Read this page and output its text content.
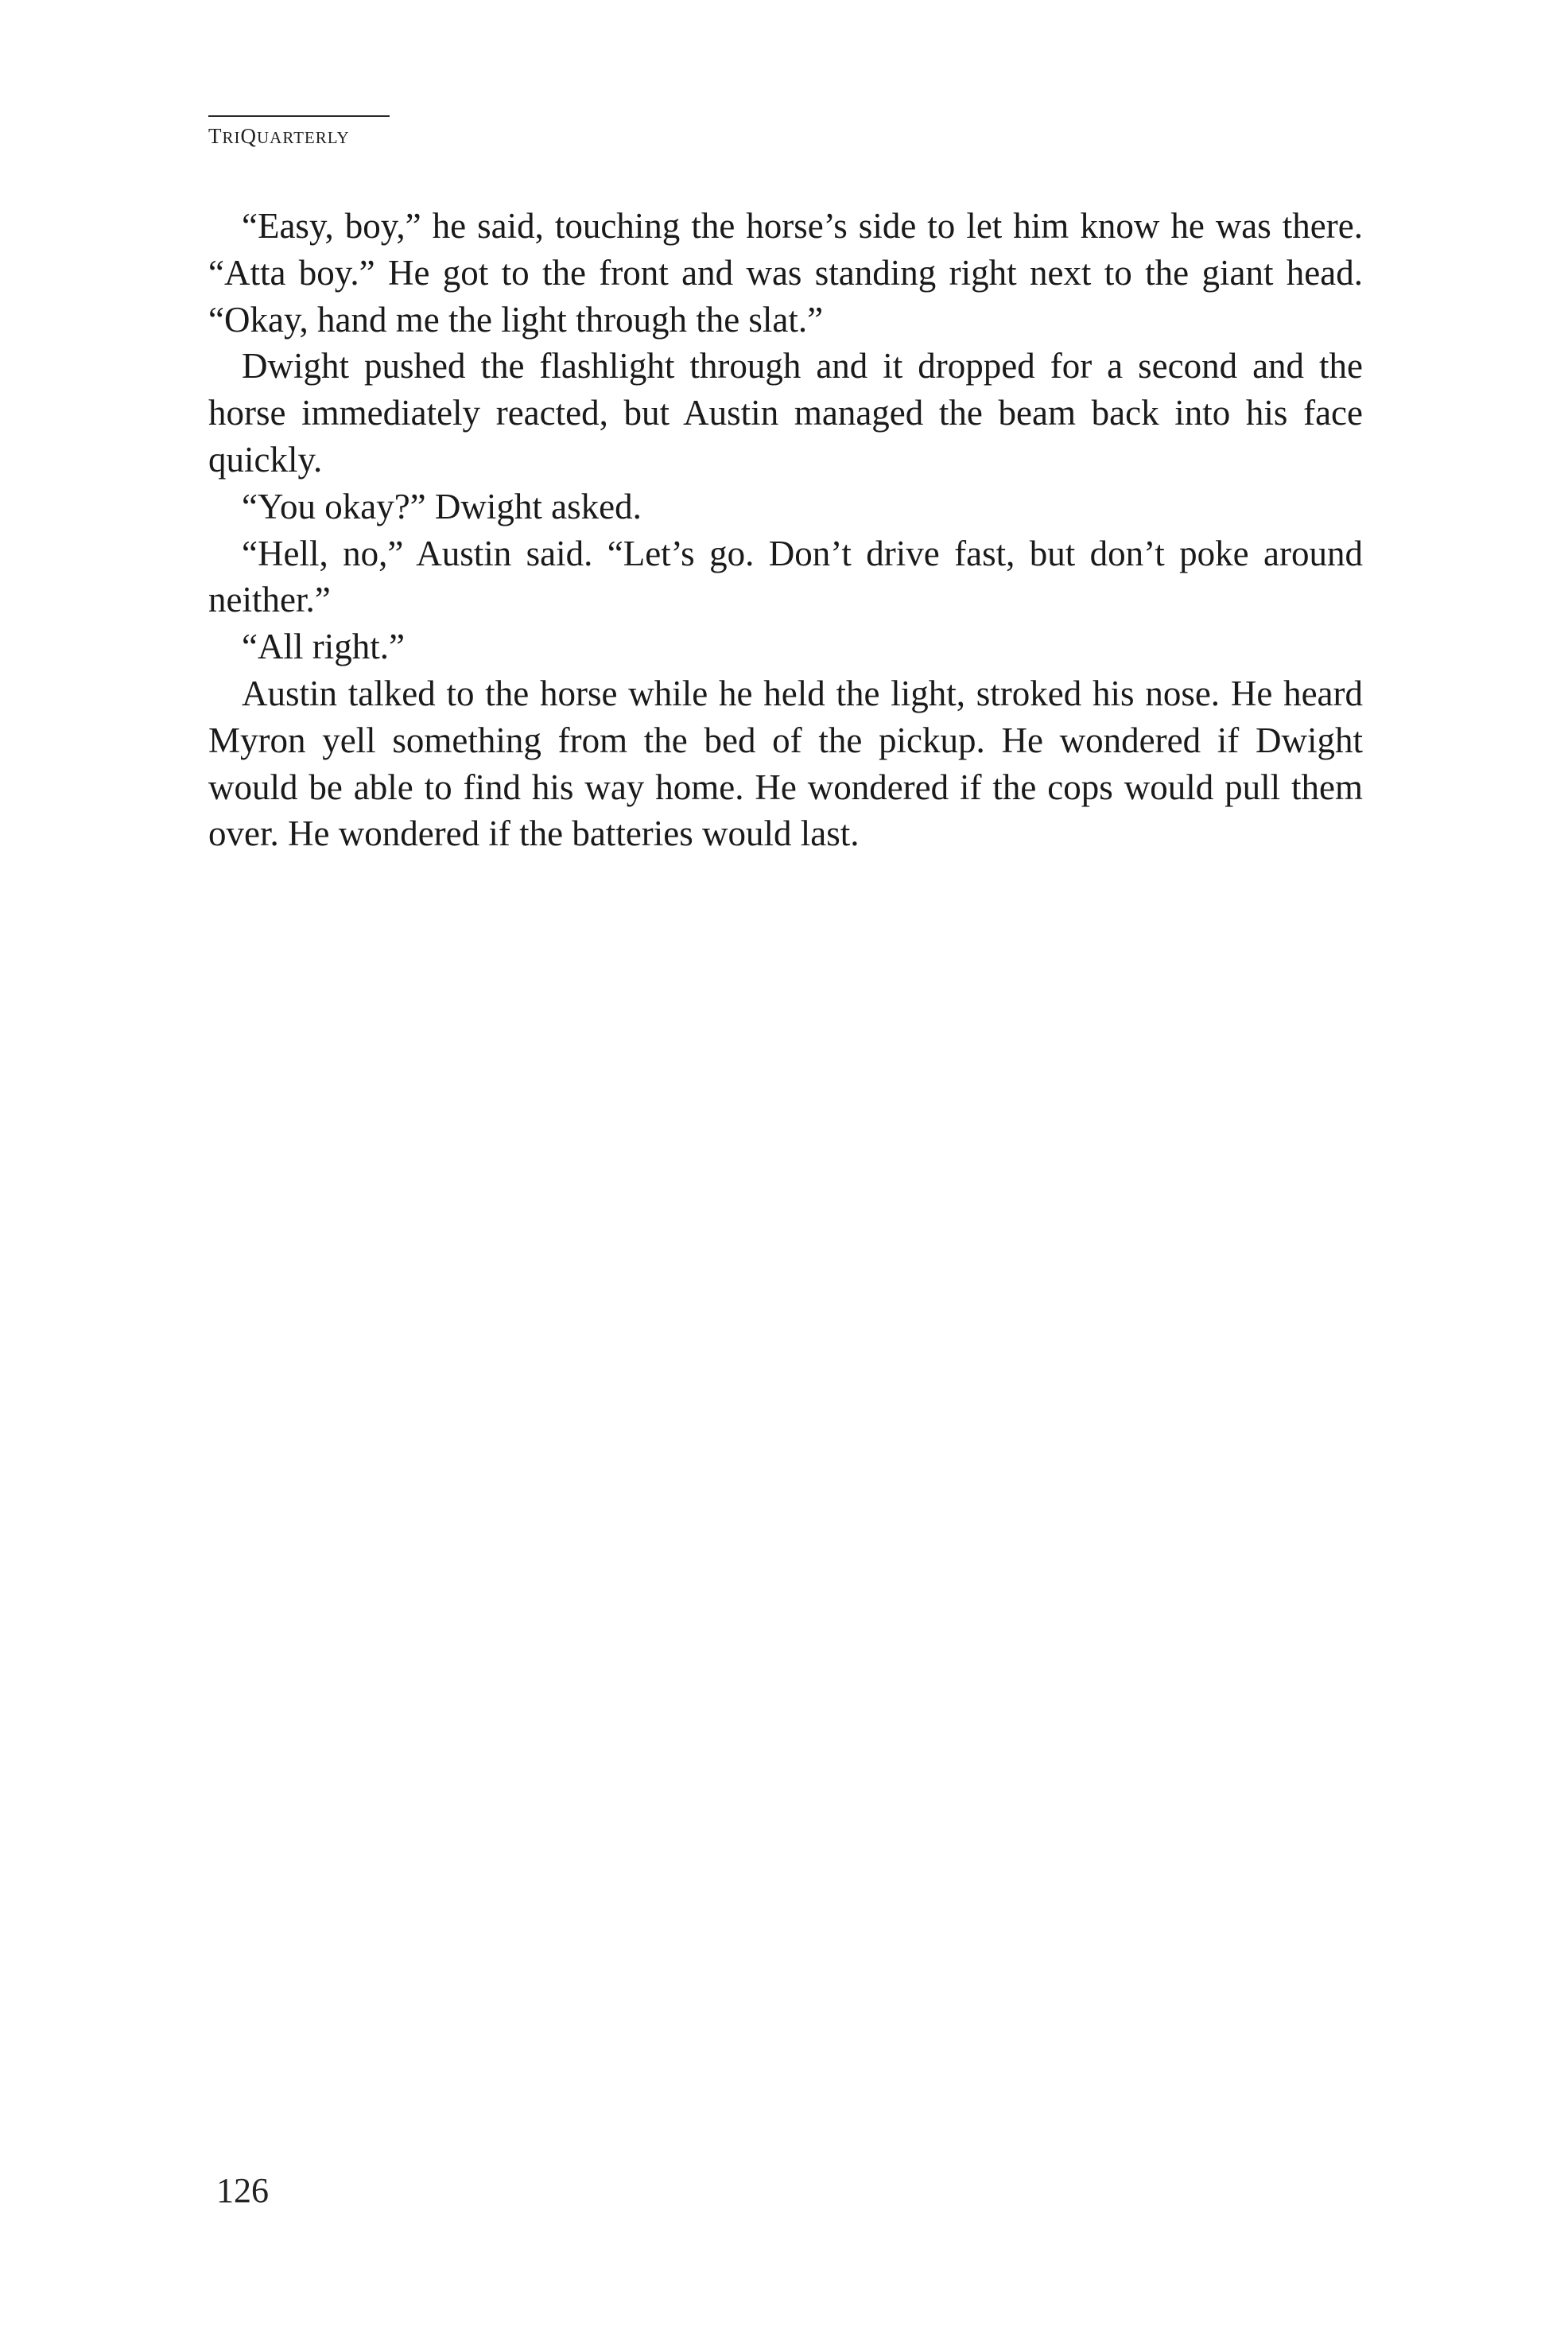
TRIQUARTERLY

“Easy, boy,” he said, touching the horse’s side to let him know he was there. “Atta boy.” He got to the front and was standing right next to the giant head. “Okay, hand me the light through the slat.”

Dwight pushed the flashlight through and it dropped for a second and the horse immediately reacted, but Austin managed the beam back into his face quickly.

“You okay?” Dwight asked.

“Hell, no,” Austin said. “Let’s go. Don’t drive fast, but don’t poke around neither.”

“All right.”

Austin talked to the horse while he held the light, stroked his nose. He heard Myron yell something from the bed of the pickup. He wondered if Dwight would be able to find his way home. He wondered if the cops would pull them over. He wondered if the batteries would last.

126
